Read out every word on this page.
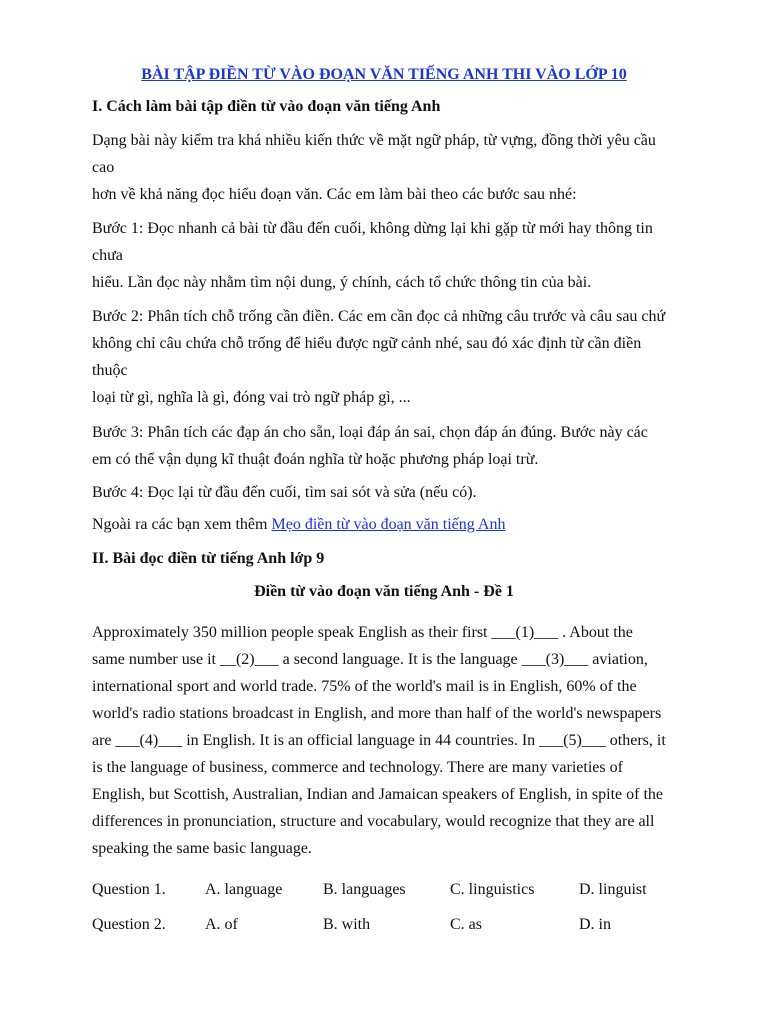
BÀI TẬP ĐIỀN TỪ VÀO ĐOẠN VĂN TIẾNG ANH THI VÀO LỚP 10
I. Cách làm bài tập điền từ vào đoạn văn tiếng Anh
Dạng bài này kiểm tra khá nhiều kiến thức về mặt ngữ pháp, từ vựng, đồng thời yêu cầu
cao
hơn về khả năng đọc hiểu đoạn văn. Các em làm bài theo các bước sau nhé:
Bước 1: Đọc nhanh cả bài từ đầu đến cuối, không dừng lại khi gặp từ mới hay thông tin
chưa
hiểu. Lần đọc này nhằm tìm nội dung, ý chính, cách tổ chức thông tin của bài.
Bước 2: Phân tích chỗ trống cần điền. Các em cần đọc cả những câu trước và câu sau chứ
không chỉ câu chứa chỗ trống để hiểu được ngữ cảnh nhé, sau đó xác định từ cần điền
thuộc
loại từ gì, nghĩa là gì, đóng vai trò ngữ pháp gì, ...
Bước 3: Phân tích các đạp án cho sẵn, loại đáp án sai, chọn đáp án đúng. Bước này các
em có thể vận dụng kĩ thuật đoán nghĩa từ hoặc phương pháp loại trừ.
Bước 4: Đọc lại từ đầu đến cuối, tìm sai sót và sửa (nếu có).
Ngoài ra các bạn xem thêm Mẹo điền từ vào đoạn văn tiếng Anh
II. Bài đọc điền từ tiếng Anh lớp 9
Điền từ vào đoạn văn tiếng Anh - Đề 1
Approximately 350 million people speak English as their first ___(1)___ . About the
same number use it __(2)___ a second language. It is the language ___(3)___ aviation,
international sport and world trade. 75% of the world's mail is in English, 60% of the
world's radio stations broadcast in English, and more than half of the world's newspapers
are ___(4)___ in English. It is an official language in 44 countries. In ___(5)___ others, it
is the language of business, commerce and technology. There are many varieties of
English, but Scottish, Australian, Indian and Jamaican speakers of English, in spite of the
differences in pronunciation, structure and vocabulary, would recognize that they are all
speaking the same basic language.
Question 1. A. language	B. languages	C. linguistics	D. linguist
Question 2. A. of	B. with	C. as	D. in
